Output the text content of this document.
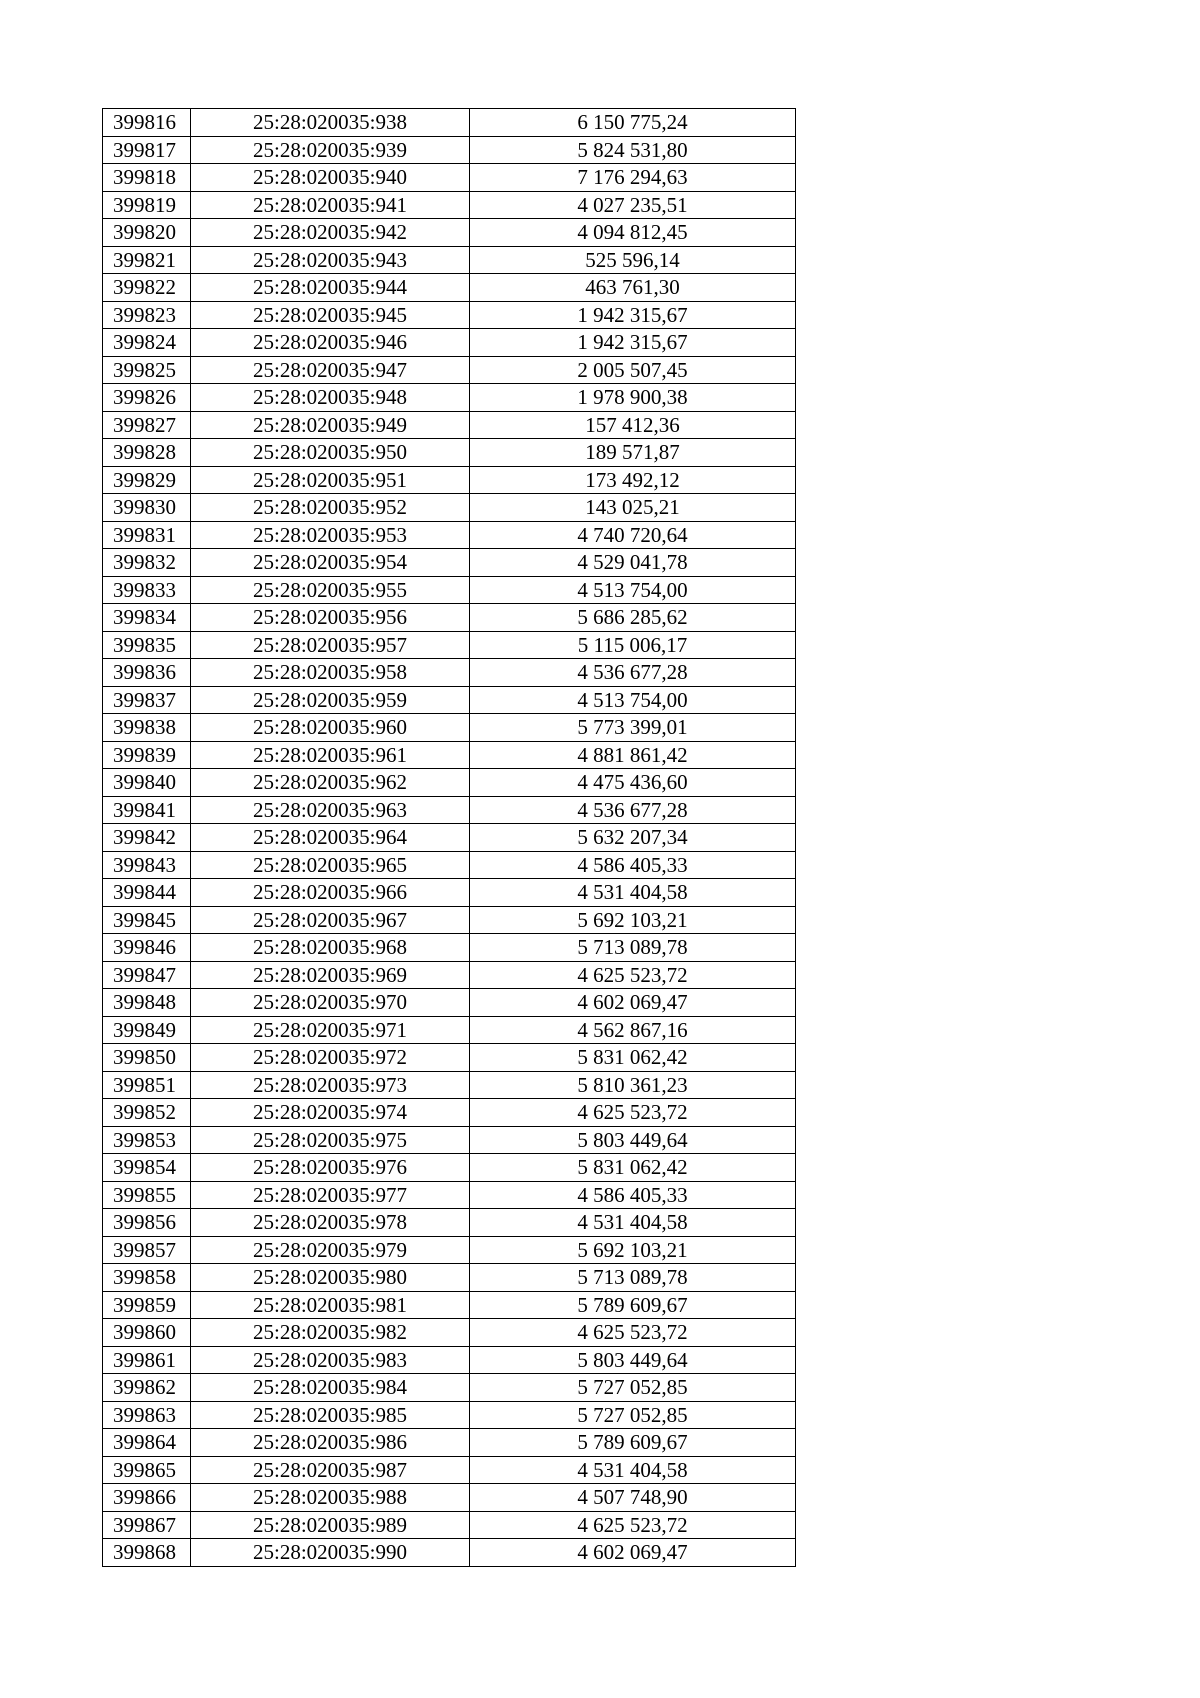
399816	25:28:020035:938	6 150 775,24
399817	25:28:020035:939	5 824 531,80
399818	25:28:020035:940	7 176 294,63
399819	25:28:020035:941	4 027 235,51
399820	25:28:020035:942	4 094 812,45
399821	25:28:020035:943	525 596,14
399822	25:28:020035:944	463 761,30
399823	25:28:020035:945	1 942 315,67
399824	25:28:020035:946	1 942 315,67
399825	25:28:020035:947	2 005 507,45
399826	25:28:020035:948	1 978 900,38
399827	25:28:020035:949	157 412,36
399828	25:28:020035:950	189 571,87
399829	25:28:020035:951	173 492,12
399830	25:28:020035:952	143 025,21
399831	25:28:020035:953	4 740 720,64
399832	25:28:020035:954	4 529 041,78
399833	25:28:020035:955	4 513 754,00
399834	25:28:020035:956	5 686 285,62
399835	25:28:020035:957	5 115 006,17
399836	25:28:020035:958	4 536 677,28
399837	25:28:020035:959	4 513 754,00
399838	25:28:020035:960	5 773 399,01
399839	25:28:020035:961	4 881 861,42
399840	25:28:020035:962	4 475 436,60
399841	25:28:020035:963	4 536 677,28
399842	25:28:020035:964	5 632 207,34
399843	25:28:020035:965	4 586 405,33
399844	25:28:020035:966	4 531 404,58
399845	25:28:020035:967	5 692 103,21
399846	25:28:020035:968	5 713 089,78
399847	25:28:020035:969	4 625 523,72
399848	25:28:020035:970	4 602 069,47
399849	25:28:020035:971	4 562 867,16
399850	25:28:020035:972	5 831 062,42
399851	25:28:020035:973	5 810 361,23
399852	25:28:020035:974	4 625 523,72
399853	25:28:020035:975	5 803 449,64
399854	25:28:020035:976	5 831 062,42
399855	25:28:020035:977	4 586 405,33
399856	25:28:020035:978	4 531 404,58
399857	25:28:020035:979	5 692 103,21
399858	25:28:020035:980	5 713 089,78
399859	25:28:020035:981	5 789 609,67
399860	25:28:020035:982	4 625 523,72
399861	25:28:020035:983	5 803 449,64
399862	25:28:020035:984	5 727 052,85
399863	25:28:020035:985	5 727 052,85
399864	25:28:020035:986	5 789 609,67
399865	25:28:020035:987	4 531 404,58
399866	25:28:020035:988	4 507 748,90
399867	25:28:020035:989	4 625 523,72
399868	25:28:020035:990	4 602 069,47
